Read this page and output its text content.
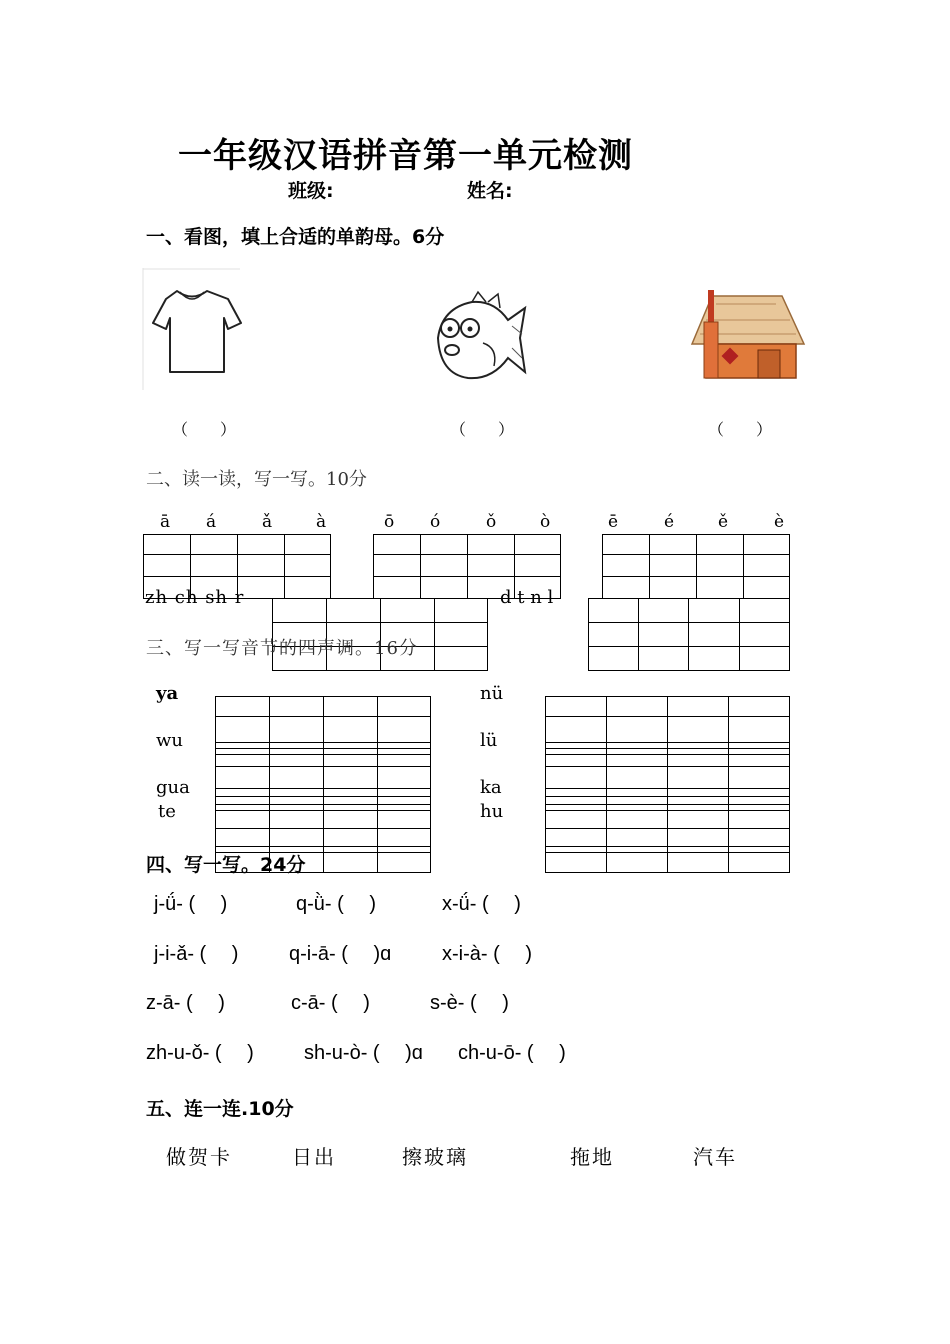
一年级汉语拼音第一单元检测
班级:	姓名:
一、看图，填上合适的单韵母。6分
（　　）	（　　）	（　　）
二、读一读，写一写。10分
ā á	ǎ	à	ō ó	ǒ	ò	ē	é	ě	è
zh ch sh r	d t n l
三、写一写音节的四声调。16分
ya
wu
gua
te
nü
lü
ka
hu
四、写一写。24分
j-ǘ- (　 )	q-ǜ- (　 )	x-ǘ- (　 )
j-i-ǎ- (　 )	q-i-ā- (　 )ɑ	x-i-à- (　 )
z-ā- (　 )	c-ā- (　 )	s-è- (　 )
zh-u-ǒ- (　 )	sh-u-ò- (　 )ɑ ch-u-ō- (　 )
五、连一连.10分
做贺卡	日出	擦玻璃	拖地	汽车
